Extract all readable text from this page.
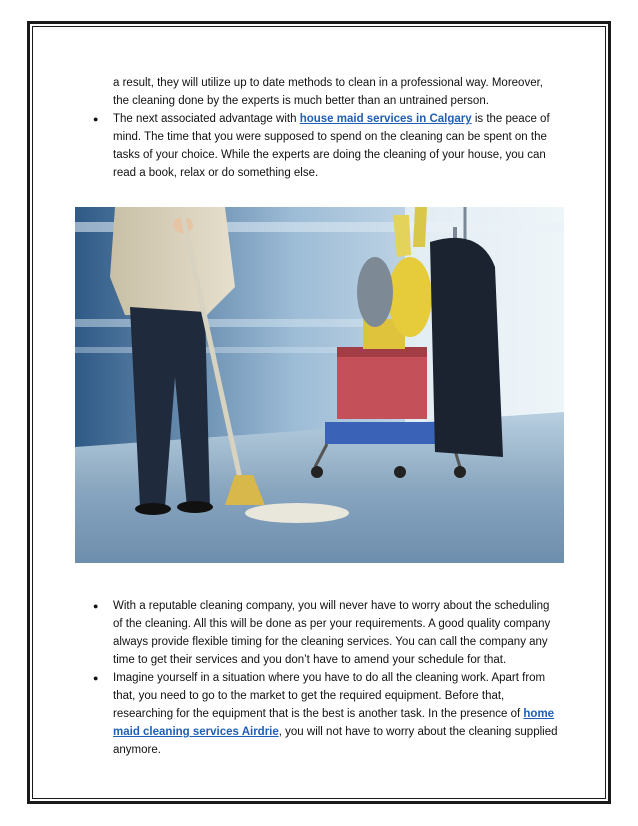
a result, they will utilize up to date methods to clean in a professional way. Moreover, the cleaning done by the experts is much better than an untrained person.
● The next associated advantage with house maid services in Calgary is the peace of mind. The time that you were supposed to spend on the cleaning can be spent on the tasks of your choice. While the experts are doing the cleaning of your house, you can read a book, relax or do something else.
● With a reputable cleaning company, you will never have to worry about the scheduling of the cleaning. All this will be done as per your requirements. A good quality company always provide flexible timing for the cleaning services. You can call the company any time to get their services and you don’t have to amend your schedule for that.
● Imagine yourself in a situation where you have to do all the cleaning work. Apart from that, you need to go to the market to get the required equipment. Before that, researching for the equipment that is the best is another task. In the presence of home maid cleaning services Airdrie, you will not have to worry about the cleaning supplied anymore.
